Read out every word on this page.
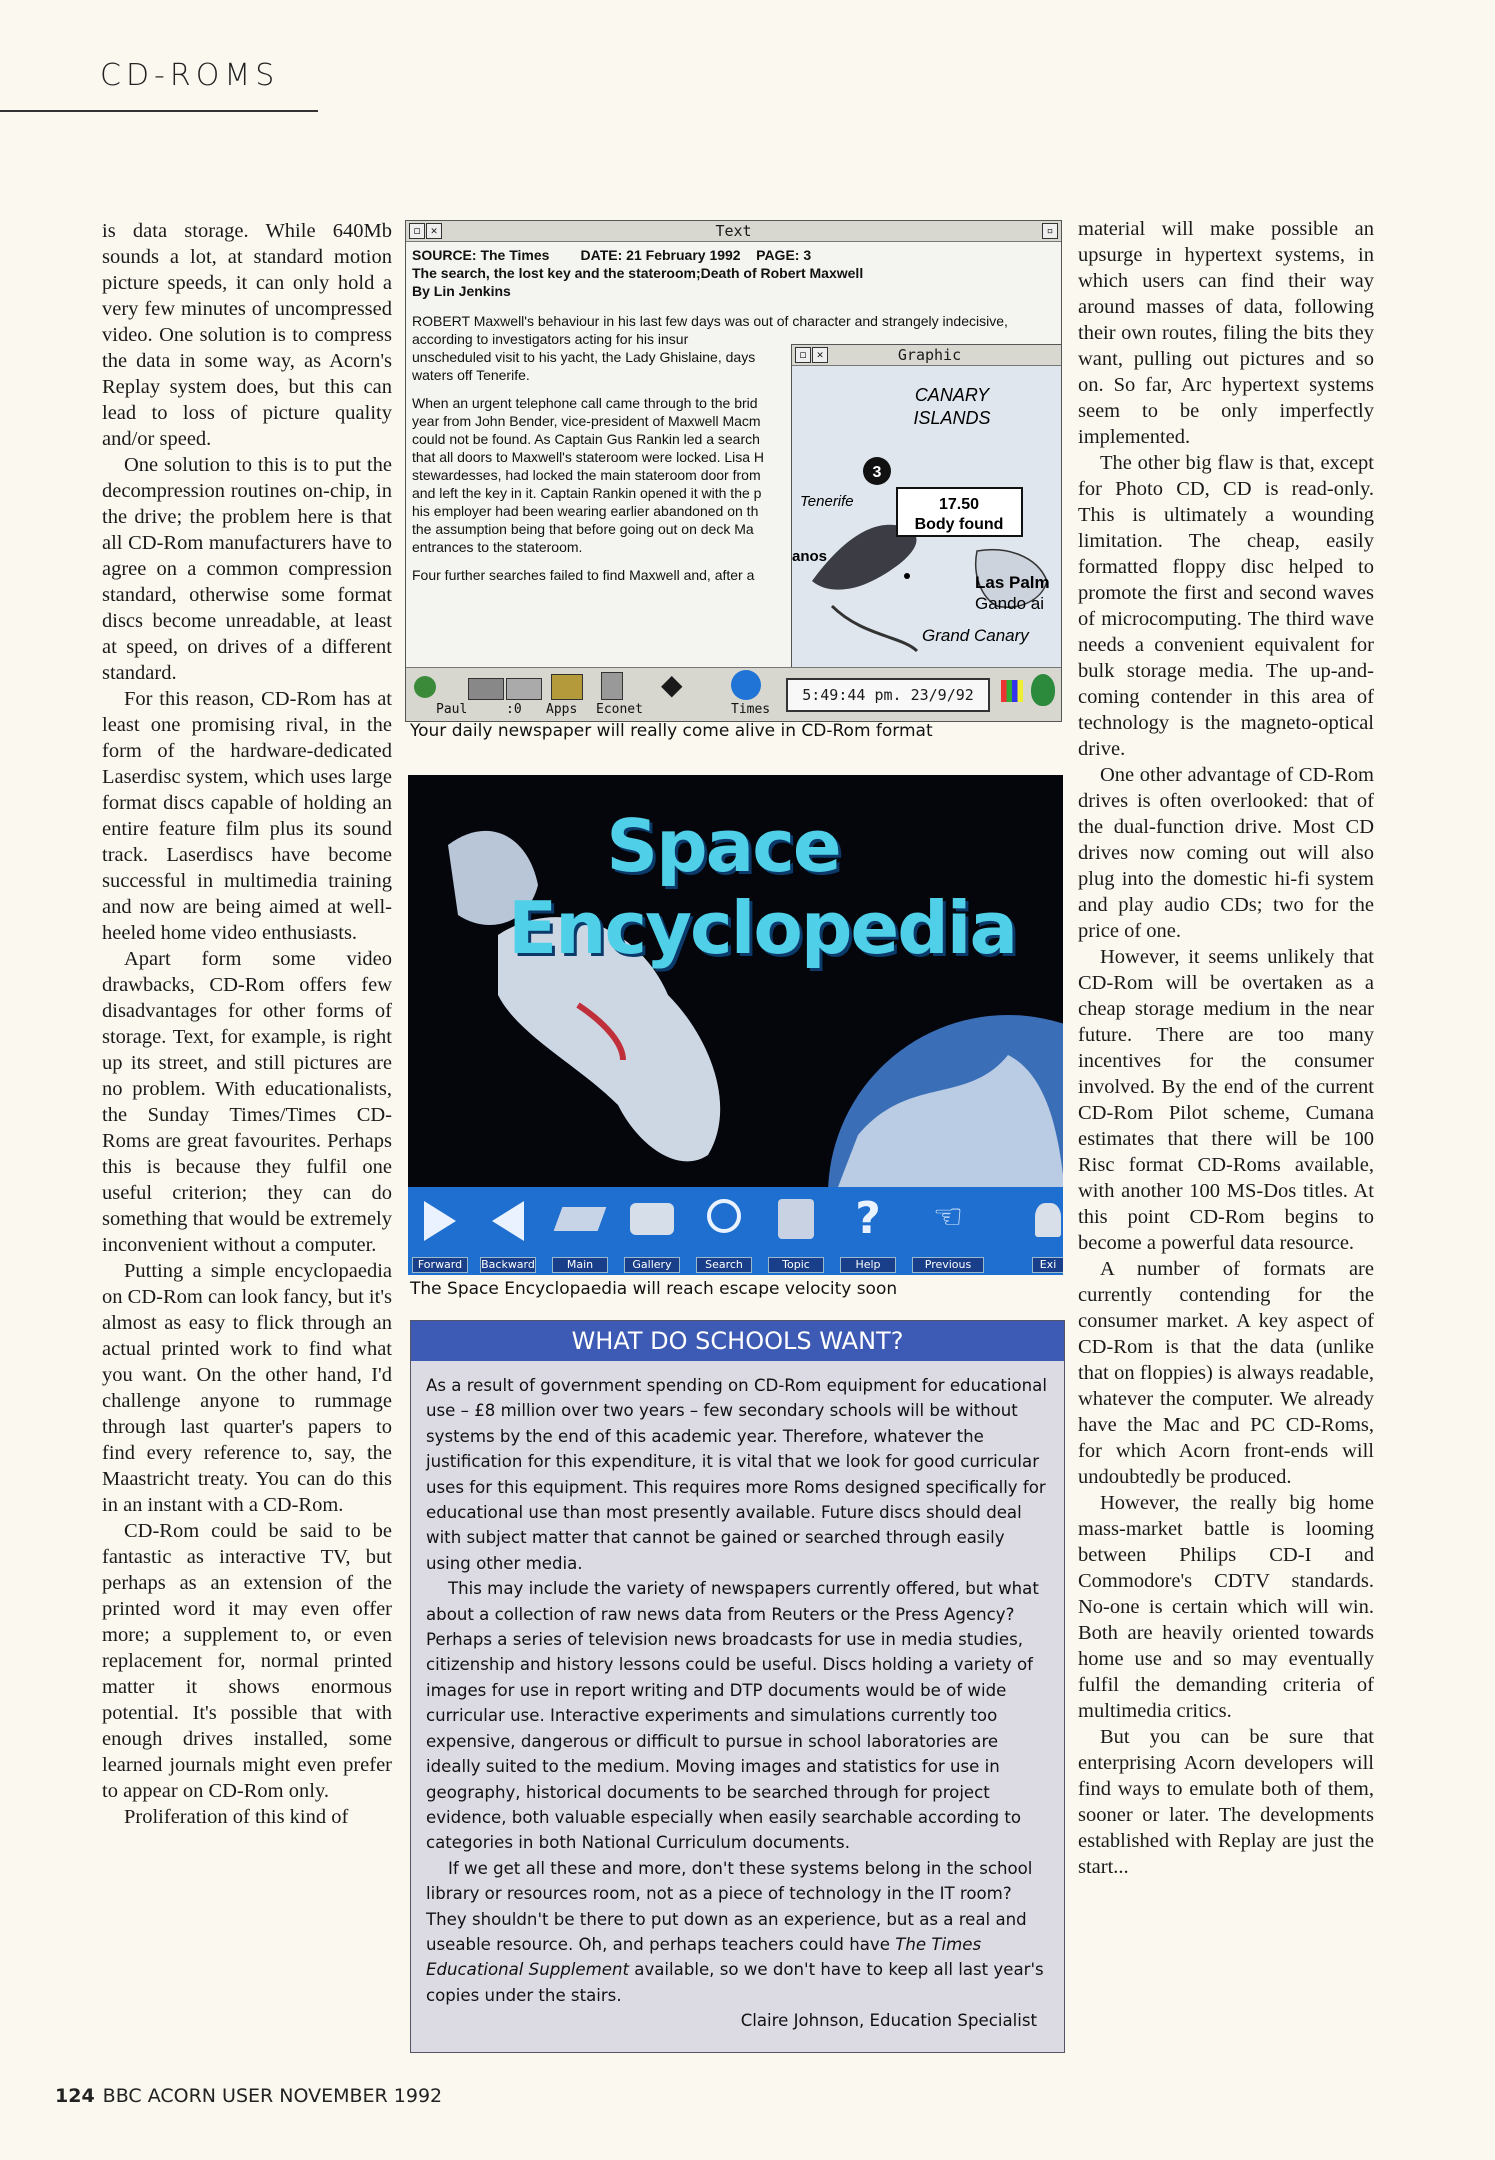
CD-ROMS

is data storage. While 640Mb sounds a lot, at standard motion picture speeds, it can only hold a very few minutes of uncompressed video. One solution is to compress the data in some way, as Acorn's Replay system does, but this can lead to loss of picture quality and/or speed.

One solution to this is to put the decompression routines on-chip, in the drive; the problem here is that all CD-Rom manufacturers have to agree on a common compression standard, otherwise some format discs become unreadable, at least at speed, on drives of a different standard.

For this reason, CD-Rom has at least one promising rival, in the form of the hardware-dedicated Laserdisc system, which uses large format discs capable of holding an entire feature film plus its sound track. Laserdiscs have become successful in multimedia training and now are being aimed at well-heeled home video enthusiasts.

Apart form some video drawbacks, CD-Rom offers few disadvantages for other forms of storage. Text, for example, is right up its street, and still pictures are no problem. With educationalists, the Sunday Times/Times CD-Roms are great favourites. Perhaps this is because they fulfil one useful criterion; they can do something that would be extremely inconvenient without a computer.

Putting a simple encyclopaedia on CD-Rom can look fancy, but it's almost as easy to flick through an actual printed work to find what you want. On the other hand, I'd challenge anyone to rummage through last quarter's papers to find every reference to, say, the Maastricht treaty. You can do this in an instant with a CD-Rom.

CD-Rom could be said to be fantastic as interactive TV, but perhaps as an extension of the printed word it may even offer more; a supplement to, or even replacement for, normal printed matter it shows enormous potential. It's possible that with enough drives installed, some learned journals might even prefer to appear on CD-Rom only.

Proliferation of this kind of

material will make possible an upsurge in hypertext systems, in which users can find their way around masses of data, following their own routes, filing the bits they want, pulling out pictures and so on. So far, Arc hypertext systems seem to be only imperfectly implemented.

The other big flaw is that, except for Photo CD, CD is read-only. This is ultimately a wounding limitation. The cheap, easily formatted floppy disc helped to promote the first and second waves of microcomputing. The third wave needs a convenient equivalent for bulk storage media. The up-and-coming contender in this area of technology is the magneto-optical drive.

One other advantage of CD-Rom drives is often overlooked: that of the dual-function drive. Most CD drives now coming out will also plug into the domestic hi-fi system and play audio CDs; two for the price of one.

However, it seems unlikely that CD-Rom will be overtaken as a cheap storage medium in the near future. There are too many incentives for the consumer involved. By the end of the current CD-Rom Pilot scheme, Cumana estimates that there will be 100 Risc format CD-Roms available, with another 100 MS-Dos titles. At this point CD-Rom begins to become a powerful data resource.

A number of formats are currently contending for the consumer market. A key aspect of CD-Rom is that the data (unlike that on floppies) is always readable, whatever the computer. We already have the Mac and PC CD-Roms, for which Acorn front-ends will undoubtedly be produced.

However, the really big home mass-market battle is looming between Philips CD-I and Commodore's CDTV standards. No-one is certain which will win. Both are heavily oriented towards home use and so may eventually fulfil the demanding criteria of multimedia critics.

But you can be sure that enterprising Acorn developers will find ways to emulate both of them, sooner or later. The developments established with Replay are just the start...

◻ ✕	Text	▫
SOURCE: The Times        DATE: 21 February 1992    PAGE: 3
The search, the lost key and the stateroom;Death of Robert Maxwell
By Lin Jenkins
ROBERT Maxwell's behaviour in his last few days was out of character and strangely indecisive, according to investigators acting for his insur
unscheduled visit to his yacht, the Lady Ghislaine, days
waters off Tenerife.
When an urgent telephone call came through to the brid
year from John Bender, vice-president of Maxwell Macm
could not be found. As Captain Gus Rankin led a search
that all doors to Maxwell's stateroom were locked. Lisa H
stewardesses, had locked the main stateroom door from
and left the key in it. Captain Rankin opened it with the p
his employer had been wearing earlier abandoned on th
the assumption being that before going out on deck Ma
entrances to the stateroom.
Four further searches failed to find Maxwell and, after a
◻ ✕	Graphic
3
17.50
Body found
CANARY
ISLANDS
Tenerife
Las Palm
Gando ai
Grand Canary
anos
Paul	:0 Apps Econet	Times
◆	5:49:44 pm. 23/9/92
Your daily newspaper will really come alive in CD-Rom format
Space
Encyclopedia
Forward	Backward	Main	Gallery	Search	Topic
?
Help
☜
Previous	Exi
The Space Encyclopaedia will reach escape velocity soon
WHAT DO SCHOOLS WANT?

As a result of government spending on CD-Rom equipment for educational use – £8 million over two years – few secondary schools will be without systems by the end of this academic year. Therefore, whatever the justification for this expenditure, it is vital that we look for good curricular uses for this equipment. This requires more Roms designed specifically for educational use than most presently available. Future discs should deal with subject matter that cannot be gained or searched through easily using other media.

This may include the variety of newspapers currently offered, but what about a collection of raw news data from Reuters or the Press Agency? Perhaps a series of television news broadcasts for use in media studies, citizenship and history lessons could be useful. Discs holding a variety of images for use in report writing and DTP documents would be of wide curricular use. Interactive experiments and simulations currently too expensive, dangerous or difficult to pursue in school laboratories are ideally suited to the medium. Moving images and statistics for use in geography, historical documents to be searched through for project evidence, both valuable especially when easily searchable according to categories in both National Curriculum documents.

If we get all these and more, don't these systems belong in the school library or resources room, not as a piece of technology in the IT room? They shouldn't be there to put down as an experience, but as a real and useable resource. Oh, and perhaps teachers could have The Times Educational Supplement available, so we don't have to keep all last year's copies under the stairs.

Claire Johnson, Education Specialist
124 BBC ACORN USER NOVEMBER 1992
